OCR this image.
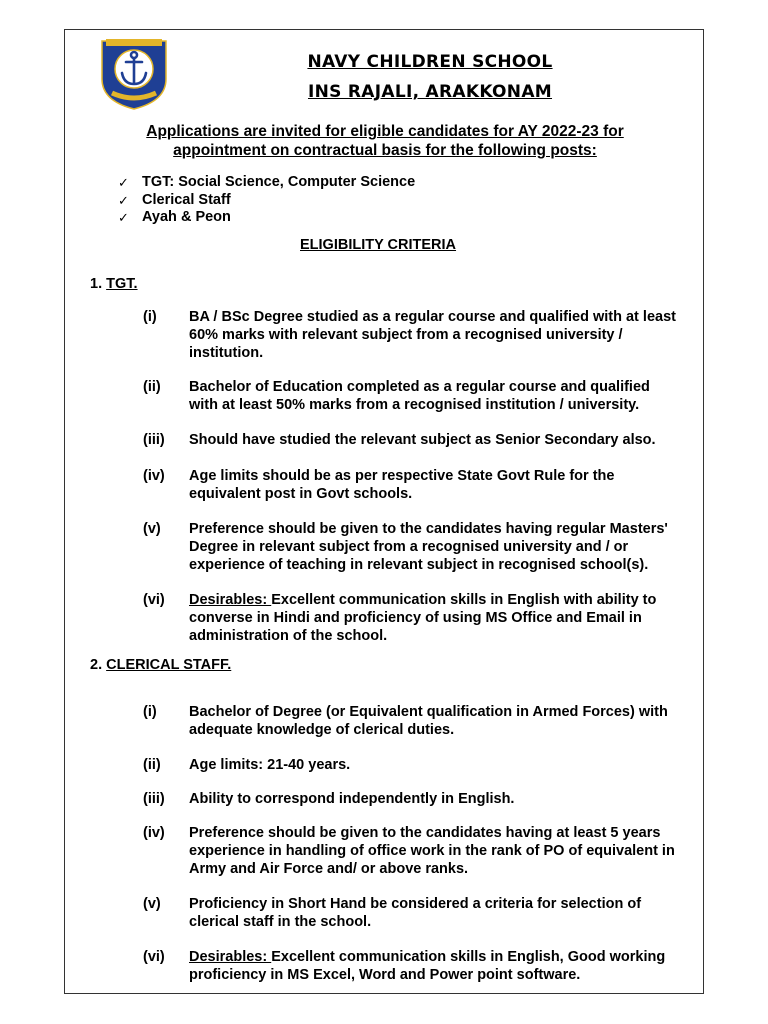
NAVY CHILDREN SCHOOL
INS RAJALI, ARAKKONAM
Applications are invited for eligible candidates for AY 2022-23 for appointment on contractual basis for the following posts:
✓ TGT: Social Science, Computer Science
✓ Clerical Staff
✓ Ayah & Peon
ELIGIBILITY CRITERIA
1. TGT.
(i)	BA / BSc Degree studied as a regular course and qualified with at least 60% marks with relevant subject from a recognised university / institution.
(ii)	Bachelor of Education completed as a regular course and qualified with at least 50% marks from a recognised institution / university.
(iii)	Should have studied the relevant subject as Senior Secondary also.
(iv)	Age limits should be as per respective State Govt Rule for the equivalent post in Govt schools.
(v)	Preference should be given to the candidates having regular Masters' Degree in relevant subject from a recognised university and / or experience of teaching in relevant subject in recognised school(s).
(vi)	Desirables: Excellent communication skills in English with ability to converse in Hindi and proficiency of using MS Office and Email in administration of the school.
2. CLERICAL STAFF.
(i)	Bachelor of Degree (or Equivalent qualification in Armed Forces) with adequate knowledge of clerical duties.
(ii)	Age limits: 21-40 years.
(iii)	Ability to correspond independently in English.
(iv)	Preference should be given to the candidates having at least 5 years experience in handling of office work in the rank of PO of equivalent in Army and Air Force and/ or above ranks.
(v)	Proficiency in Short Hand be considered a criteria for selection of clerical staff in the school.
(vi)	Desirables: Excellent communication skills in English, Good working proficiency in MS Excel, Word and Power point software.
